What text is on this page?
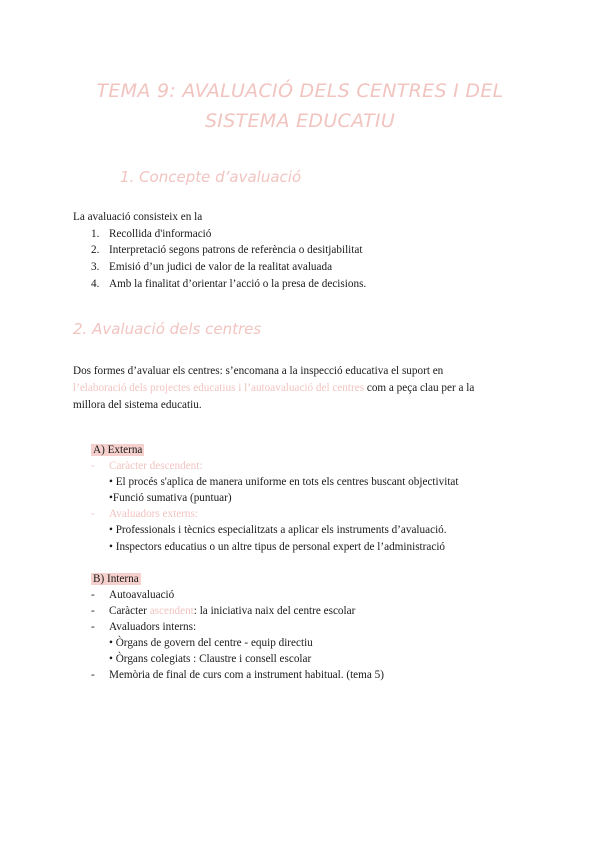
TEMA 9: AVALUACIÓ DELS CENTRES I DEL
SISTEMA EDUCATIU
1. Concepte d’avaluació
La avaluació consisteix en la
1. Recollida d'informació
2. Interpretació segons patrons de referència o desitjabilitat
3. Emisió d’un judici de valor de la realitat avaluada
4. Amb la finalitat d’orientar l’acció o la presa de decisions.
2. Avaluació dels centres
Dos formes d’avaluar els centres: s’encomana a la inspecció educativa el suport en
l’elaboració dels projectes educatius i l’autoavaluació del centres com a peça clau per a la
millora del sistema educatiu.
A) Externa
- Caràcter descendent:
• El procés s'aplica de manera uniforme en tots els centres buscant objectivitat
•Funció sumativa (puntuar)
- Avaluadors externs:
• Professionals i tècnics especialitzats a aplicar els instruments d’avaluació.
• Inspectors educatius o un altre tipus de personal expert de l’administració
B) Interna
- Autoavaluació
- Caràcter ascendent: la iniciativa naix del centre escolar
- Avaluadors interns:
• Òrgans de govern del centre - equip directiu
• Òrgans colegiats : Claustre i consell escolar
- Memòria de final de curs com a instrument habitual. (tema 5)
